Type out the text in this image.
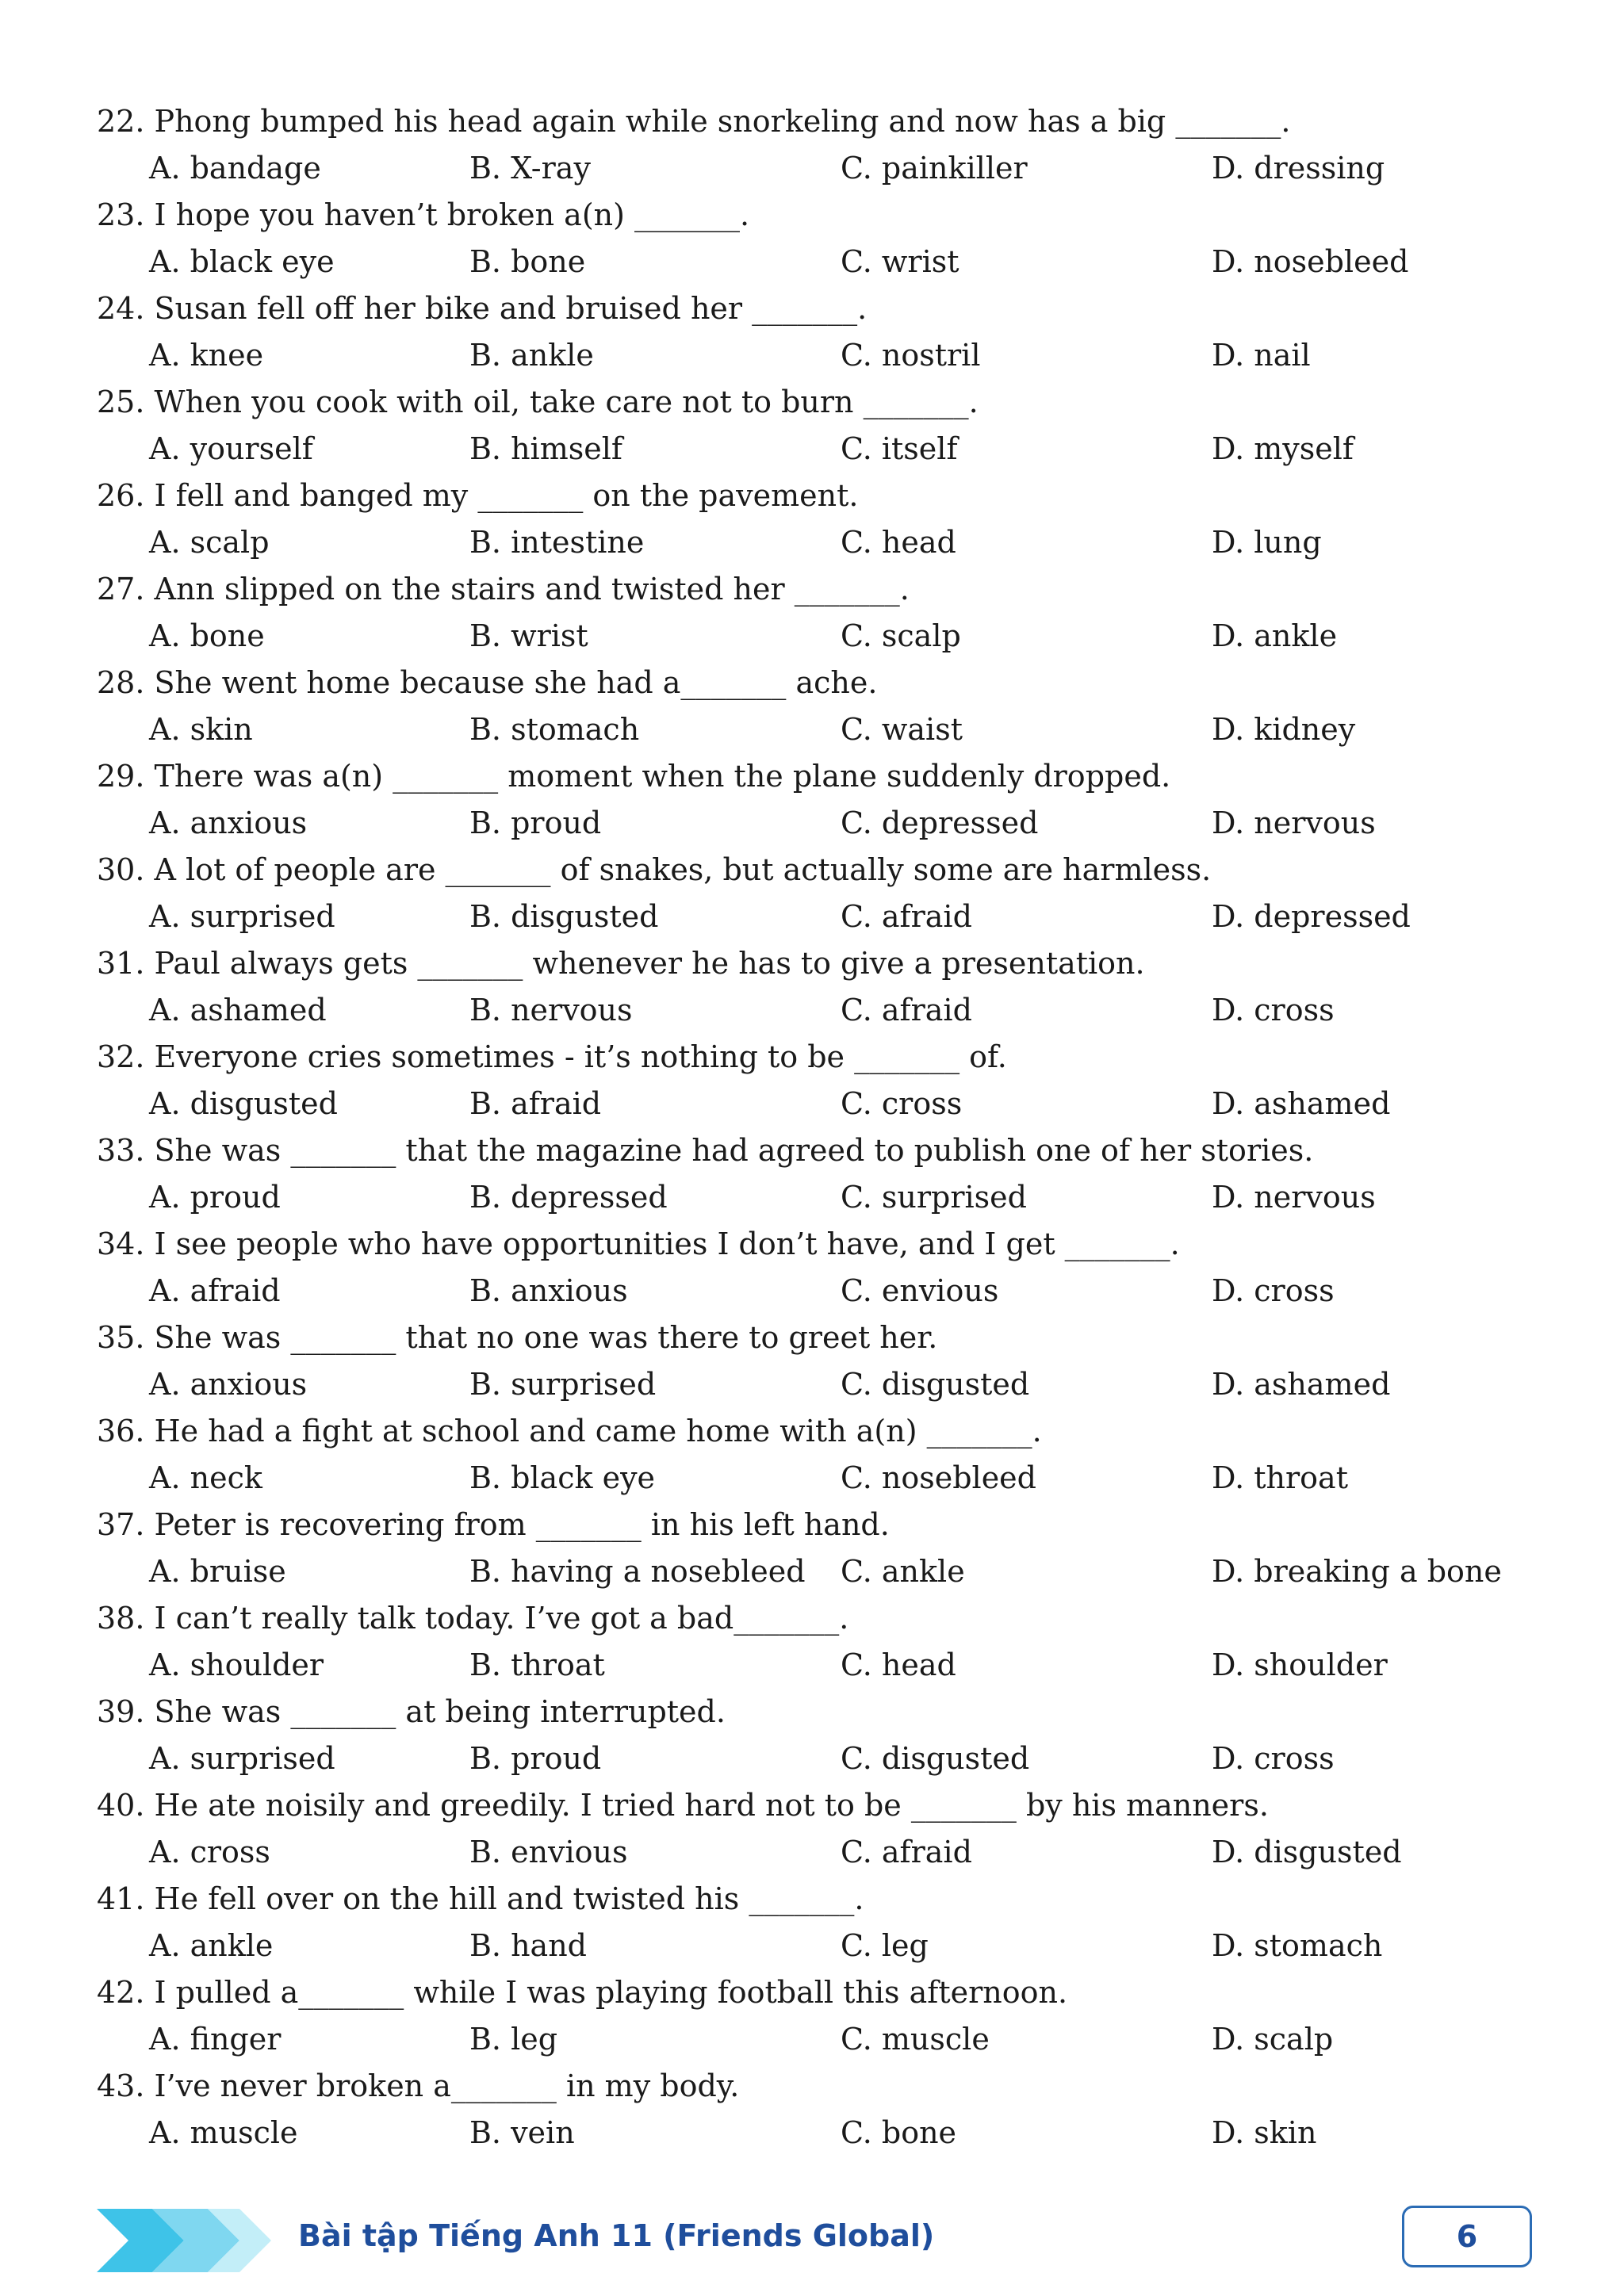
22. Phong bumped his head again while snorkeling and now has a big _______.
A. bandage	B. X-ray	C. painkiller	D. dressing
23. I hope you haven’t broken a(n) _______.
A. black eye	B. bone	C. wrist	D. nosebleed
24. Susan fell off her bike and bruised her _______.
A. knee	B. ankle	C. nostril	D. nail
25. When you cook with oil, take care not to burn _______.
A. yourself	B. himself	C. itself	D. myself
26. I fell and banged my _______ on the pavement.
A. scalp	B. intestine	C. head	D. lung
27. Ann slipped on the stairs and twisted her _______.
A. bone	B. wrist	C. scalp	D. ankle
28. She went home because she had a_______ ache.
A. skin	B. stomach	C. waist	D. kidney
29. There was a(n) _______ moment when the plane suddenly dropped.
A. anxious	B. proud	C. depressed	D. nervous
30. A lot of people are _______ of snakes, but actually some are harmless.
A. surprised	B. disgusted	C. afraid	D. depressed
31. Paul always gets _______ whenever he has to give a presentation.
A. ashamed	B. nervous	C. afraid	D. cross
32. Everyone cries sometimes - it’s nothing to be _______ of.
A. disgusted	B. afraid	C. cross	D. ashamed
33. She was _______ that the magazine had agreed to publish one of her stories.
A. proud	B. depressed	C. surprised	D. nervous
34. I see people who have opportunities I don’t have, and I get _______.
A. afraid	B. anxious	C. envious	D. cross
35. She was _______ that no one was there to greet her.
A. anxious	B. surprised	C. disgusted	D. ashamed
36. He had a fight at school and came home with a(n) _______.
A. neck	B. black eye	C. nosebleed	D. throat
37. Peter is recovering from _______ in his left hand.
A. bruise	B. having a nosebleed C. ankle	D. breaking a bone
38. I can’t really talk today. I’ve got a bad_______.
A. shoulder	B. throat	C. head	D. shoulder
39. She was _______ at being interrupted.
A. surprised	B. proud	C. disgusted	D. cross
40. He ate noisily and greedily. I tried hard not to be _______ by his manners.
A. cross	B. envious	C. afraid	D. disgusted
41. He fell over on the hill and twisted his _______.
A. ankle	B. hand	C. leg	D. stomach
42. I pulled a_______ while I was playing football this afternoon.
A. finger	B. leg	C. muscle	D. scalp
43. I’ve never broken a_______ in my body.
A. muscle	B. vein	C. bone	D. skin
Bài tập Tiếng Anh 11 (Friends Global)	6
